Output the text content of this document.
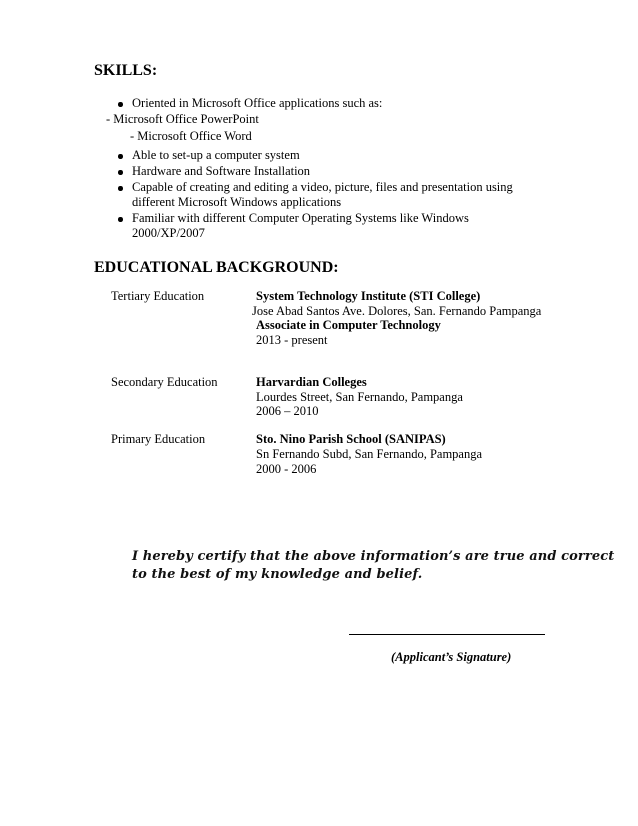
SKILLS:
Oriented in Microsoft Office applications such as:
- Microsoft Office PowerPoint
- Microsoft Office Word
Able to set-up a computer system
Hardware and Software Installation
Capable of creating and editing a video, picture, files and presentation using
different Microsoft Windows applications
Familiar with different Computer Operating Systems like Windows
2000/XP/2007
EDUCATIONAL BACKGROUND:
Tertiary Education	System Technology Institute (STI College)
Jose Abad Santos Ave. Dolores, San. Fernando Pampanga
Associate in Computer Technology
2013 - present
Secondary Education	Harvardian Colleges
Lourdes Street, San Fernando, Pampanga
2006 – 2010
Primary Education	Sto. Nino Parish School (SANIPAS)
Sn Fernando Subd, San Fernando, Pampanga
2000 - 2006
I hereby certify that the above information’s are true and correct
to the best of my knowledge and belief.
(Applicant’s Signature)
